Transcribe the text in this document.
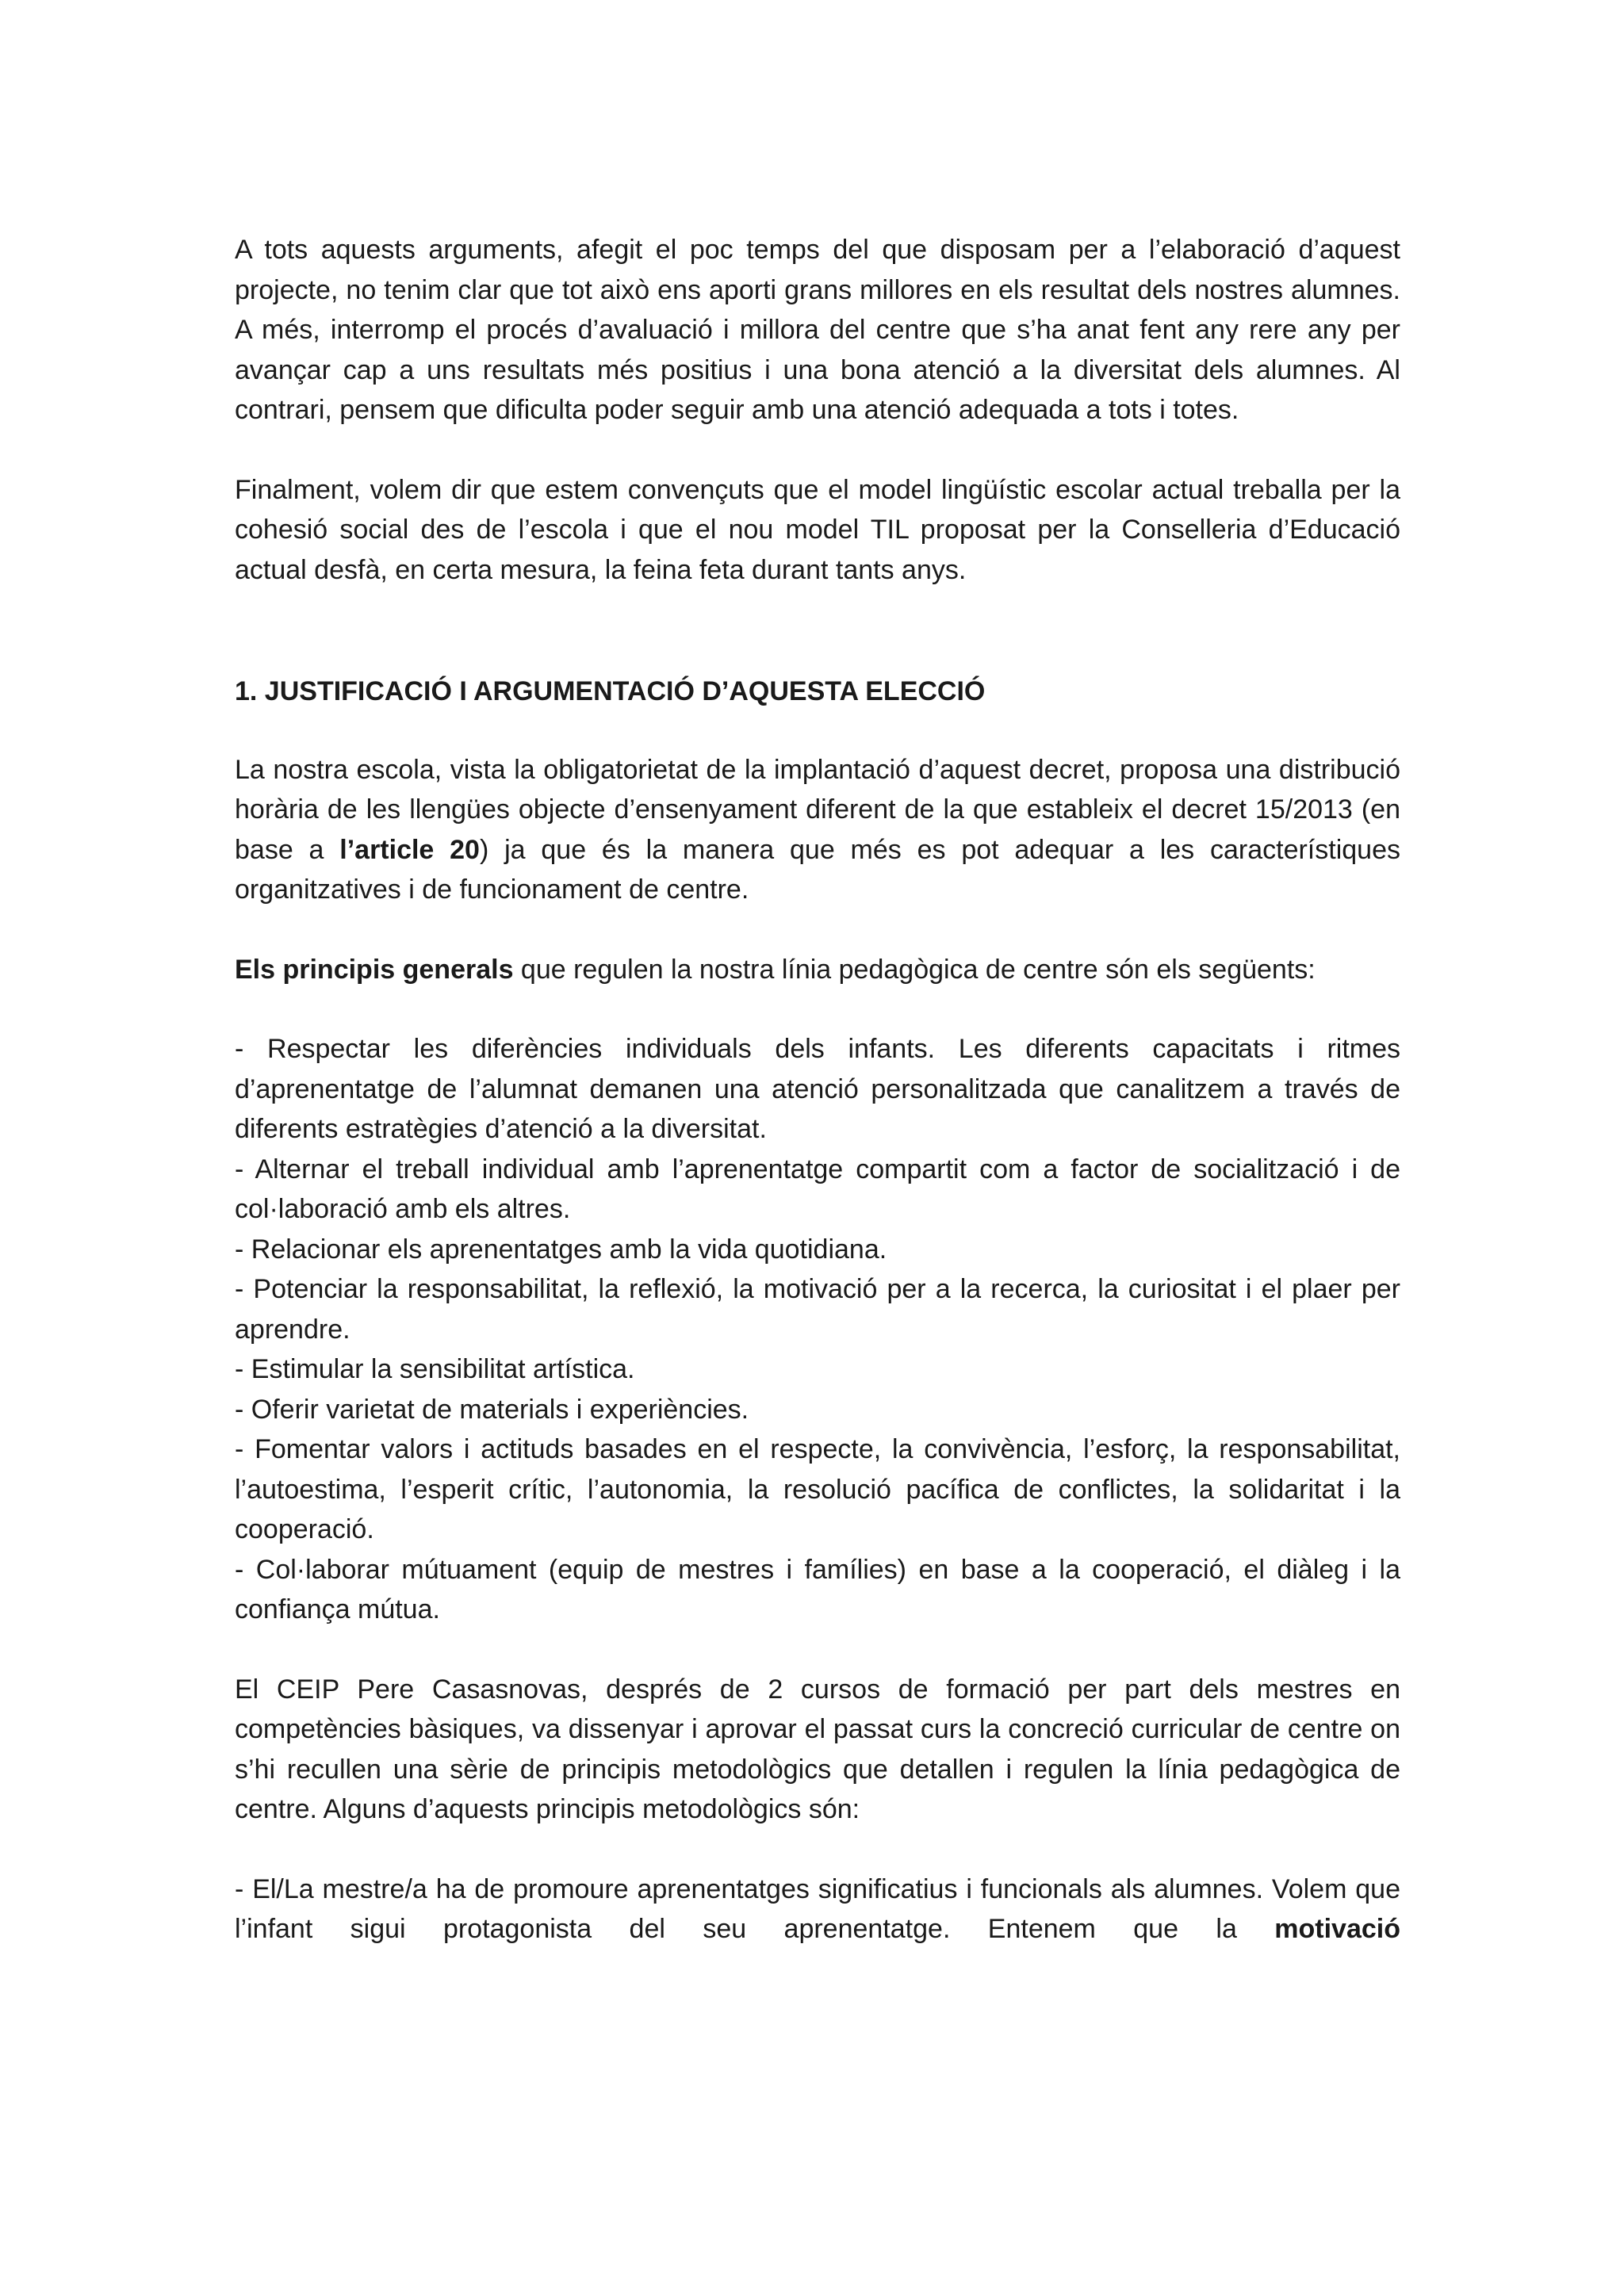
A tots aquests arguments, afegit el poc temps del que disposam per a l’elaboració d’aquest projecte, no tenim clar que tot això ens aporti grans millores en els resultat dels nostres alumnes. A més, interromp el procés d’avaluació i millora del centre que s’ha anat fent any rere any per avançar cap a uns resultats més positius i una bona atenció a la diversitat dels alumnes. Al contrari, pensem que dificulta poder seguir amb una atenció adequada a tots i totes.

Finalment, volem dir que estem convençuts que el model lingüístic escolar actual treballa per la cohesió social des de l’escola i que el nou model TIL proposat per la Conselleria d’Educació actual desfà, en certa mesura, la feina feta durant tants anys.

1. JUSTIFICACIÓ I ARGUMENTACIÓ D’AQUESTA ELECCIÓ

La nostra escola, vista la obligatorietat de la implantació d’aquest decret, proposa una distribució horària de les llengües objecte d’ensenyament diferent de la que estableix el decret 15/2013 (en base a l’article 20) ja que és la manera que més es pot adequar a les característiques organitzatives i de funcionament de centre.

Els principis generals que regulen la nostra línia pedagògica de centre són els següents:

- Respectar les diferències individuals dels infants. Les diferents capacitats i ritmes d’aprenentatge de l’alumnat demanen una atenció personalitzada que canalitzem a través de diferents estratègies d’atenció a la diversitat.

- Alternar el treball individual amb l’aprenentatge compartit com a factor de socialització i de col·laboració amb els altres.

- Relacionar els aprenentatges amb la vida quotidiana.

- Potenciar la responsabilitat, la reflexió, la motivació per a la recerca, la curiositat i el plaer per aprendre.

- Estimular la sensibilitat artística.

- Oferir varietat de materials i experiències.

- Fomentar valors i actituds basades en el respecte, la convivència, l’esforç, la responsabilitat, l’autoestima, l’esperit crític, l’autonomia, la resolució pacífica de conflictes, la solidaritat i la cooperació.

- Col·laborar mútuament (equip de mestres i famílies) en base a la cooperació, el diàleg i la confiança mútua.

El CEIP Pere Casasnovas, després de 2 cursos de formació per part dels mestres en competències bàsiques, va dissenyar i aprovar el passat curs la concreció curricular de centre on s’hi recullen una sèrie de principis metodològics que detallen i regulen la línia pedagògica de centre. Alguns d’aquests principis metodològics són:

- El/La mestre/a ha de promoure aprenentatges significatius i funcionals als alumnes. Volem que l’infant sigui protagonista del seu aprenentatge. Entenem que la motivació
